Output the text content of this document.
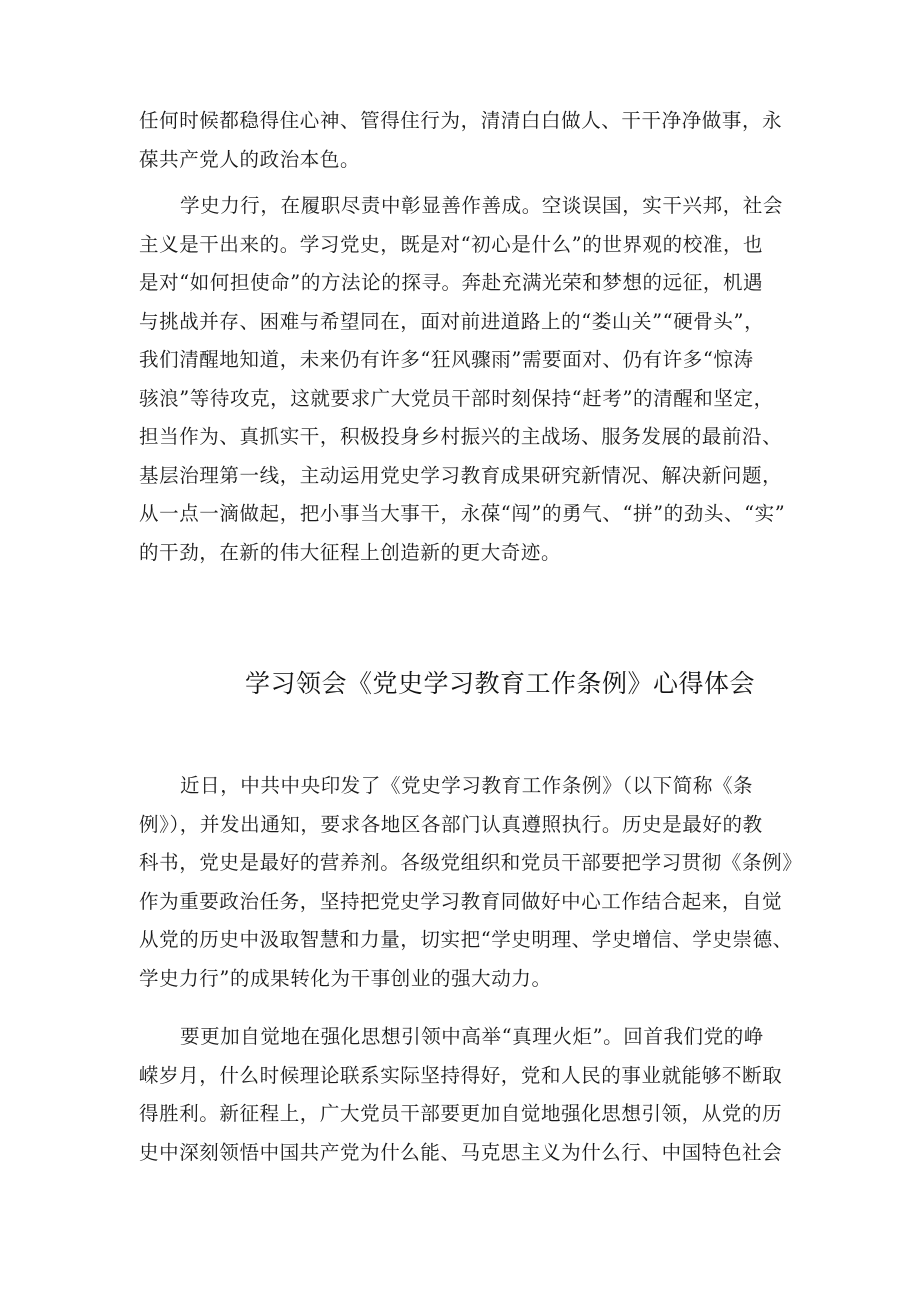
任何时候都稳得住心神、管得住行为，清清白白做人、干干净净做事，永
葆共产党人的政治本色。
学史力行，在履职尽责中彰显善作善成。空谈误国，实干兴邦，社会
主义是干出来的。学习党史，既是对“初心是什么”的世界观的校准，也
是对“如何担使命”的方法论的探寻。奔赴充满光荣和梦想的远征，机遇
与挑战并存、困难与希望同在，面对前进道路上的“娄山关”“硬骨头”，
我们清醒地知道，未来仍有许多“狂风骤雨”需要面对、仍有许多“惊涛
骇浪”等待攻克，这就要求广大党员干部时刻保持“赶考”的清醒和坚定，
担当作为、真抓实干，积极投身乡村振兴的主战场、服务发展的最前沿、
基层治理第一线，主动运用党史学习教育成果研究新情况、解决新问题，
从一点一滴做起，把小事当大事干，永葆“闯”的勇气、“拼”的劲头、“实”
的干劲，在新的伟大征程上创造新的更大奇迹。
学习领会《党史学习教育工作条例》心得体会
近日，中共中央印发了《党史学习教育工作条例》（以下简称《条
例》），并发出通知，要求各地区各部门认真遵照执行。历史是最好的教
科书，党史是最好的营养剂。各级党组织和党员干部要把学习贯彻《条例》
作为重要政治任务，坚持把党史学习教育同做好中心工作结合起来，自觉
从党的历史中汲取智慧和力量，切实把“学史明理、学史增信、学史崇德、
学史力行”的成果转化为干事创业的强大动力。
要更加自觉地在强化思想引领中高举“真理火炬”。回首我们党的峥
嵘岁月，什么时候理论联系实际坚持得好，党和人民的事业就能够不断取
得胜利。新征程上，广大党员干部要更加自觉地强化思想引领，从党的历
史中深刻领悟中国共产党为什么能、马克思主义为什么行、中国特色社会
